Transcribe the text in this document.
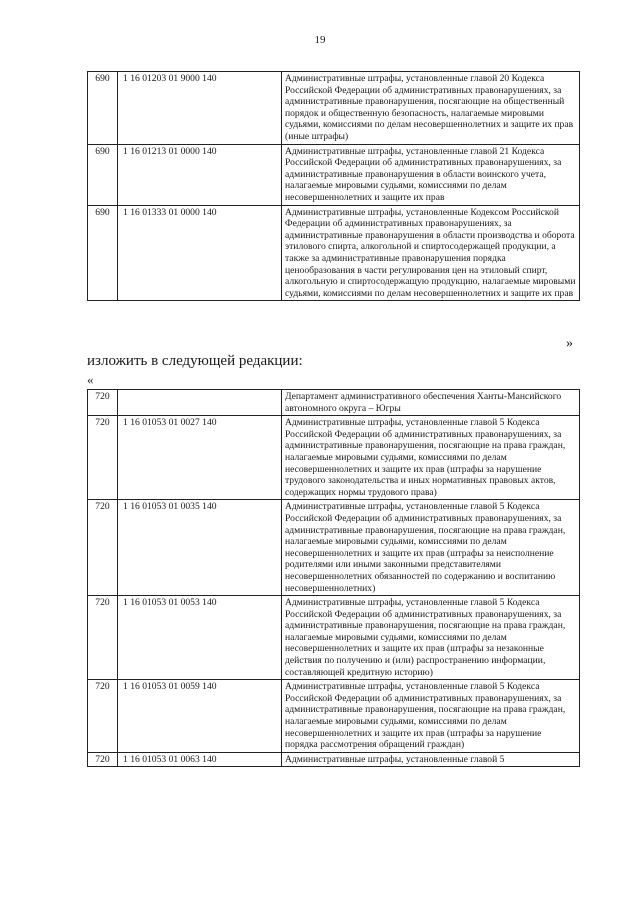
19
690	1 16 01203 01 9000 140	Административные штрафы, установленные главой 20 Кодекса Российской Федерации об административных правонарушениях, за административные правонарушения, посягающие на общественный порядок и общественную безопасность, налагаемые мировыми судьями, комиссиями по делам несовершеннолетних и защите их прав (иные штрафы)
690	1 16 01213 01 0000 140	Административные штрафы, установленные главой 21 Кодекса Российской Федерации об административных правонарушениях, за административные правонарушения в области воинского учета, налагаемые мировыми судьями, комиссиями по делам несовершеннолетних и защите их прав
690	1 16 01333 01 0000 140	Административные штрафы, установленные Кодексом Российской Федерации об административных правонарушениях, за административные правонарушения в области производства и оборота этилового спирта, алкогольной и спиртосодержащей продукции, а также за административные правонарушения порядка ценообразования в части регулирования цен на этиловый спирт, алкогольную и спиртосодержащую продукцию, налагаемые мировыми судьями, комиссиями по делам несовершеннолетних и защите их прав
»
изложить в следующей редакции:
«
720		Департамент административного обеспечения Ханты-Мансийского автономного округа – Югры
720	1 16 01053 01 0027 140	Административные штрафы, установленные главой 5 Кодекса Российской Федерации об административных правонарушениях, за административные правонарушения, посягающие на права граждан, налагаемые мировыми судьями, комиссиями по делам несовершеннолетних и защите их прав (штрафы за нарушение трудового законодательства и иных нормативных правовых актов, содержащих нормы трудового права)
720	1 16 01053 01 0035 140	Административные штрафы, установленные главой 5 Кодекса Российской Федерации об административных правонарушениях, за административные правонарушения, посягающие на права граждан, налагаемые мировыми судьями, комиссиями по делам несовершеннолетних и защите их прав (штрафы за неисполнение родителями или иными законными представителями несовершеннолетних обязанностей по содержанию и воспитанию несовершеннолетних)
720	1 16 01053 01 0053 140	Административные штрафы, установленные главой 5 Кодекса Российской Федерации об административных правонарушениях, за административные правонарушения, посягающие на права граждан, налагаемые мировыми судьями, комиссиями по делам несовершеннолетних и защите их прав (штрафы за незаконные действия по получению и (или) распространению информации, составляющей кредитную историю)
720	1 16 01053 01 0059 140	Административные штрафы, установленные главой 5 Кодекса Российской Федерации об административных правонарушениях, за административные правонарушения, посягающие на права граждан, налагаемые мировыми судьями, комиссиями по делам несовершеннолетних и защите их прав (штрафы за нарушение порядка рассмотрения обращений граждан)
720	1 16 01053 01 0063 140	Административные штрафы, установленные главой 5
